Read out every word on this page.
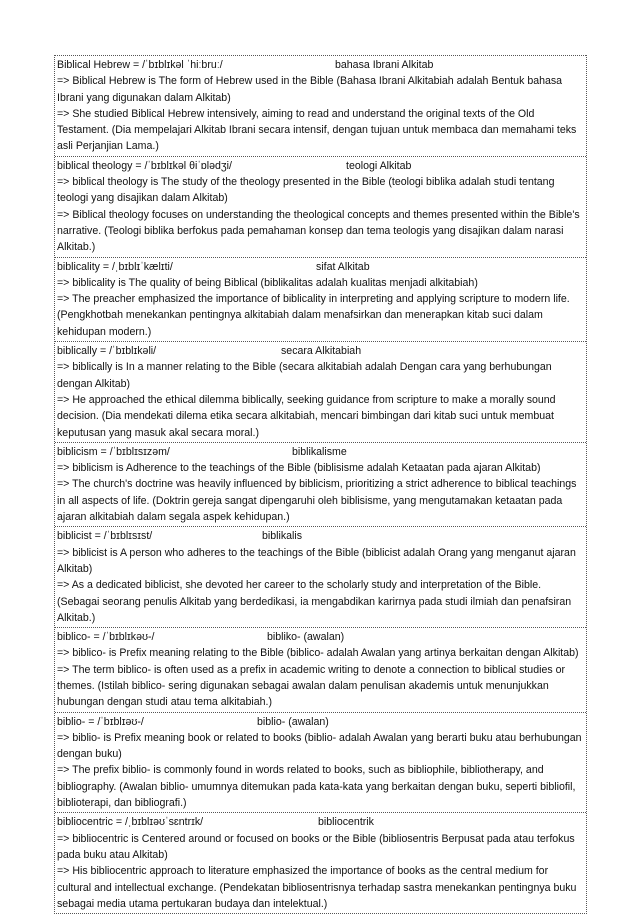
Biblical Hebrew = /ˈbɪblɪkəl ˈhiːbruː/	bahasa Ibrani Alkitab
=> Biblical Hebrew is The form of Hebrew used in the Bible (Bahasa Ibrani Alkitabiah adalah Bentuk bahasa Ibrani yang digunakan dalam Alkitab)
=> She studied Biblical Hebrew intensively, aiming to read and understand the original texts of the Old Testament. (Dia mempelajari Alkitab Ibrani secara intensif, dengan tujuan untuk membaca dan memahami teks asli Perjanjian Lama.)
biblical theology = /ˈbɪblɪkəl θiˈɒlədʒi/	teologi Alkitab
=> biblical theology is The study of the theology presented in the Bible (teologi biblika adalah studi tentang teologi yang disajikan dalam Alkitab)
=> Biblical theology focuses on understanding the theological concepts and themes presented within the Bible's narrative. (Teologi biblika berfokus pada pemahaman konsep dan tema teologis yang disajikan dalam narasi Alkitab.)
biblicality = /ˌbɪblɪˈkælɪti/	sifat Alkitab
=> biblicality is The quality of being Biblical (biblikalitas adalah kualitas menjadi alkitabiah)
=> The preacher emphasized the importance of biblicality in interpreting and applying scripture to modern life. (Pengkhotbah menekankan pentingnya alkitabiah dalam menafsirkan dan menerapkan kitab suci dalam kehidupan modern.)
biblically = /ˈbɪblɪkəli/	secara Alkitabiah
=> biblically is In a manner relating to the Bible (secara alkitabiah adalah Dengan cara yang berhubungan dengan Alkitab)
=> He approached the ethical dilemma biblically, seeking guidance from scripture to make a morally sound decision. (Dia mendekati dilema etika secara alkitabiah, mencari bimbingan dari kitab suci untuk membuat keputusan yang masuk akal secara moral.)
biblicism = /ˈbɪblɪsɪzəm/	biblikalisme
=> biblicism is Adherence to the teachings of the Bible (biblisisme adalah Ketaatan pada ajaran Alkitab)
=> The church's doctrine was heavily influenced by biblicism, prioritizing a strict adherence to biblical teachings in all aspects of life. (Doktrin gereja sangat dipengaruhi oleh biblisisme, yang mengutamakan ketaatan pada ajaran alkitabiah dalam segala aspek kehidupan.)
biblicist = /ˈbɪblɪsɪst/	biblikalis
=> biblicist is A person who adheres to the teachings of the Bible (biblicist adalah Orang yang menganut ajaran Alkitab)
=> As a dedicated biblicist, she devoted her career to the scholarly study and interpretation of the Bible. (Sebagai seorang penulis Alkitab yang berdedikasi, ia mengabdikan karirnya pada studi ilmiah dan penafsiran Alkitab.)
biblico- = /ˈbɪblɪkəʊ-/	bibliko- (awalan)
=> biblico- is Prefix meaning relating to the Bible (biblico- adalah Awalan yang artinya berkaitan dengan Alkitab)
=> The term biblico- is often used as a prefix in academic writing to denote a connection to biblical studies or themes. (Istilah biblico- sering digunakan sebagai awalan dalam penulisan akademis untuk menunjukkan hubungan dengan studi atau tema alkitabiah.)
biblio- = /ˈbɪblɪəʊ-/	biblio- (awalan)
=> biblio- is Prefix meaning book or related to books (biblio- adalah Awalan yang berarti buku atau berhubungan dengan buku)
=> The prefix biblio- is commonly found in words related to books, such as bibliophile, bibliotherapy, and bibliography. (Awalan biblio- umumnya ditemukan pada kata-kata yang berkaitan dengan buku, seperti bibliofil, biblioterapi, dan bibliografi.)
bibliocentric = /ˌbɪblɪəʊˈsɛntrɪk/	bibliocentrik
=> bibliocentric is Centered around or focused on books or the Bible (bibliosentris Berpusat pada atau terfokus pada buku atau Alkitab)
=> His bibliocentric approach to literature emphasized the importance of books as the central medium for cultural and intellectual exchange. (Pendekatan bibliosentrisnya terhadap sastra menekankan pentingnya buku sebagai media utama pertukaran budaya dan intelektual.)
